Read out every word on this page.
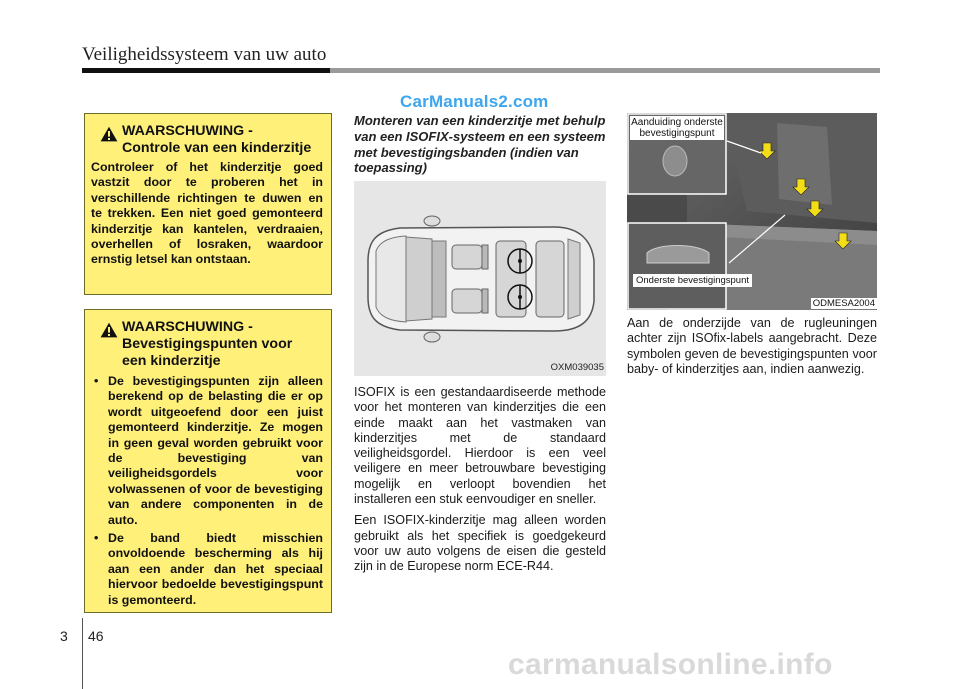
Veiligheidssysteem van uw auto
CarManuals2.com
WAARSCHUWING -
Controle van een kinderzitje
Controleer of het kinderzitje goed vastzit door te proberen het in verschillende richtingen te duwen en te trekken. Een niet goed gemonteerd kinderzitje kan kantelen, verdraaien, overhellen of losraken, waardoor ernstig letsel kan ontstaan.
WAARSCHUWING -
Bevestigingspunten voor
een kinderzitje
• De bevestigingspunten zijn alleen berekend op de belasting die er op wordt uitgeoefend door een juist gemonteerd kinderzitje. Ze mogen in geen geval worden gebruikt voor de bevestiging van veiligheidsgordels voor volwassenen of voor de bevestiging van andere componenten in de auto.
• De band biedt misschien onvoldoende bescherming als hij aan een ander dan het speciaal hiervoor bedoelde bevestigingspunt is gemonteerd.
Monteren van een kinderzitje met behulp van een ISOFIX-systeem en een systeem met bevestigingsbanden (indien van toepassing)
OXM039035

ISOFIX is een gestandaardiseerde methode voor het monteren van kinderzitjes die een einde maakt aan het vastmaken van kinderzitjes met de standaard veiligheidsgordel. Hierdoor is een veel veiligere en meer betrouwbare bevestiging mogelijk en verloopt bovendien het installeren een stuk eenvoudiger en sneller.

Een ISOFIX-kinderzitje mag alleen worden gebruikt als het specifiek is goedgekeurd voor uw auto volgens de eisen die gesteld zijn in de Europese norm ECE-R44.

Aanduiding onderste bevestigingspunt
Onderste bevestigingspunt
ODMESA2004

Aan de onderzijde van de rugleuningen achter zijn ISOfix-labels aangebracht. Deze symbolen geven de bevestigingspunten voor baby- of kinderzitjes aan, indien aanwezig.

3 46
carmanualsonline.info
